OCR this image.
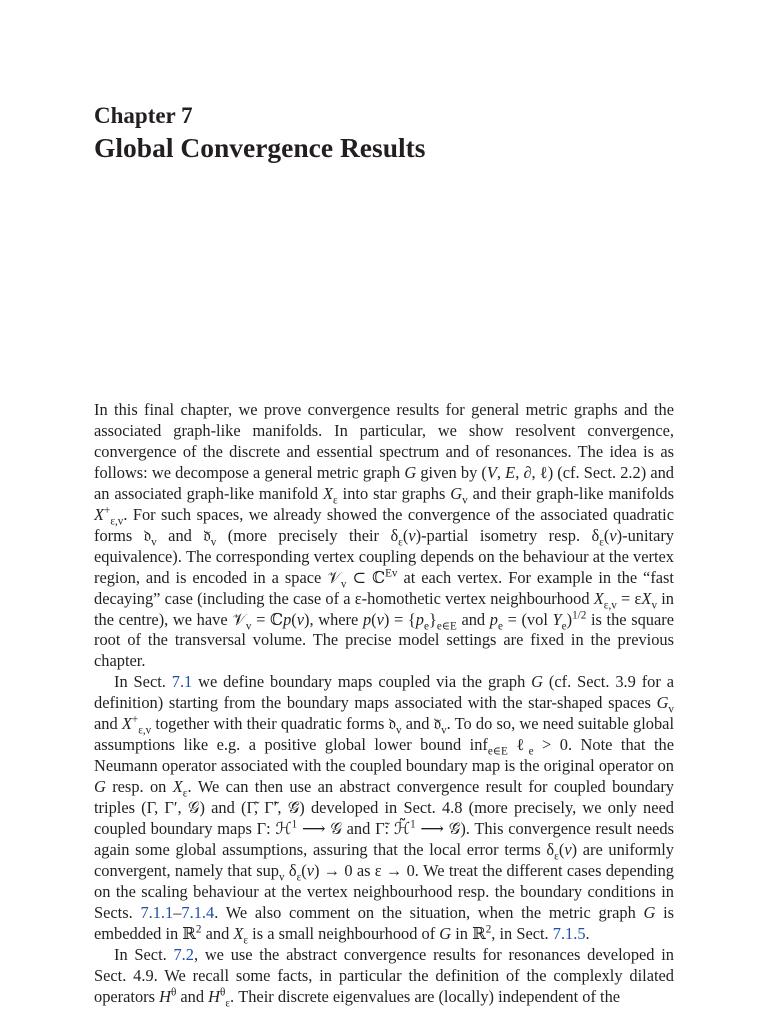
Chapter 7
Global Convergence Results

In this final chapter, we prove convergence results for general metric graphs and the associated graph-like manifolds. In particular, we show resolvent convergence, convergence of the discrete and essential spectrum and of resonances. The idea is as follows: we decompose a general metric graph G given by (V, E, ∂, ℓ) (cf. Sect. 2.2) and an associated graph-like manifold $X_\varepsilon$ into star graphs $G_v$ and their graph-like manifolds $X^+_{\varepsilon,v}$. For such spaces, we already showed the convergence of the associated quadratic forms 𝔡$_v$ and $𝔡̃_v$ (more precisely their $\delta_\varepsilon(v)$-partial isometry resp. $\delta_\varepsilon(v)$-unitary equivalence). The corresponding vertex coupling depends on the behaviour at the vertex region, and is encoded in a space 𝒱$_v$ ⊂ ℂ$^{Ev}$ at each vertex. For example in the “fast decaying” case (including the case of a ε-homothetic vertex neighbourhood $X_{\varepsilon,v} = \varepsilon X_v$ in the centre), we have 𝒱$_v$ = ℂp(v), where $p(v) = \{p_e\}_{e\in E}$ and $p_e = (vol$ $Y_e)^{1/2}$ is the square root of the transversal volume. The precise model settings are fixed in the previous chapter.

In Sect. 7.1 we define boundary maps coupled via the graph G (cf. Sect. 3.9 for a definition) starting from the boundary maps associated with the star-shaped spaces $G_v$ and $X^+_{\varepsilon,v}$ together with their quadratic forms 𝔡$_v$ and $𝔡̃_v$. To do so, we need suitable global assumptions like e.g. a positive global lower bound inf$_{e\in E}$ ℓ$_e$ > 0. Note that the Neumann operator associated with the coupled boundary map is the original operator on G resp. on $X_\varepsilon$. We can then use an abstract convergence result for coupled boundary triples (Γ, Γ′, 𝒢) and (Γ̃, Γ̃′, 𝒢̃) developed in Sect. 4.8 (more precisely, we only need coupled boundary maps Γ: ℋ$^1$ ⟶ 𝒢 and Γ̃: ℋ̃$^1$ ⟶ 𝒢̃). This convergence result needs again some global assumptions, assuring that the local error terms $\delta_\varepsilon(v)$ are uniformly convergent, namely that sup$_v$ $\delta_\varepsilon(v) \to 0$ as ε → 0. We treat the different cases depending on the scaling behaviour at the vertex neighbourhood resp. the boundary conditions in Sects. 7.1.1–7.1.4. We also comment on the situation, when the metric graph G is embedded in ℝ$^2$ and $X_\varepsilon$ is a small neighbourhood of G in ℝ$^2$, in Sect. 7.1.5.

In Sect. 7.2, we use the abstract convergence results for resonances developed in Sect. 4.9. We recall some facts, in particular the definition of the complexly dilated operators $H^\theta$ and $H^\theta_\varepsilon$. Their discrete eigenvalues are (locally) independent of the
